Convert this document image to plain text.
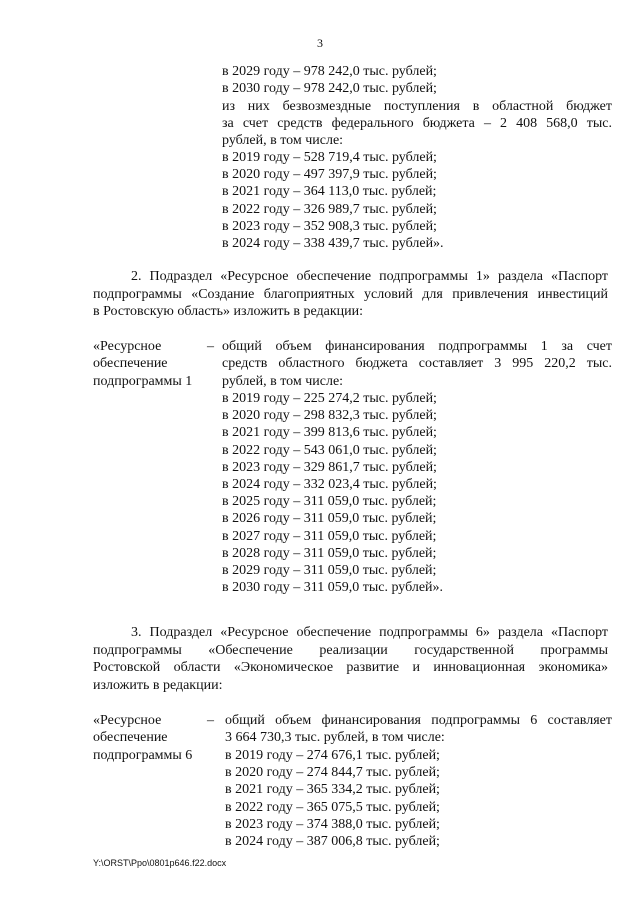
3
в 2029 году – 978 242,0 тыс. рублей;
в 2030 году – 978 242,0 тыс. рублей;
из них безвозмездные поступления в областной бюджет
за счет средств федерального бюджета – 2 408 568,0 тыс.
рублей, в том числе:
в 2019 году – 528 719,4 тыс. рублей;
в 2020 году – 497 397,9 тыс. рублей;
в 2021 году – 364 113,0 тыс. рублей;
в 2022 году – 326 989,7 тыс. рублей;
в 2023 году – 352 908,3 тыс. рублей;
в 2024 году – 338 439,7 тыс. рублей».
2. Подраздел «Ресурсное обеспечение подпрограммы 1» раздела «Паспорт
подпрограммы «Создание благоприятных условий для привлечения инвестиций
в Ростовскую область» изложить в редакции:
«Ресурсное
обеспечение
подпрограммы 1
– общий объем финансирования подпрограммы 1 за счет
средств областного бюджета составляет 3 995 220,2 тыс.
рублей, в том числе:
в 2019 году – 225 274,2 тыс. рублей;
в 2020 году – 298 832,3 тыс. рублей;
в 2021 году – 399 813,6 тыс. рублей;
в 2022 году – 543 061,0 тыс. рублей;
в 2023 году – 329 861,7 тыс. рублей;
в 2024 году – 332 023,4 тыс. рублей;
в 2025 году – 311 059,0 тыс. рублей;
в 2026 году – 311 059,0 тыс. рублей;
в 2027 году – 311 059,0 тыс. рублей;
в 2028 году – 311 059,0 тыс. рублей;
в 2029 году – 311 059,0 тыс. рублей;
в 2030 году – 311 059,0 тыс. рублей».
3. Подраздел «Ресурсное обеспечение подпрограммы 6» раздела «Паспорт
подпрограммы «Обеспечение реализации государственной программы
Ростовской области «Экономическое развитие и инновационная экономика»
изложить в редакции:
«Ресурсное
обеспечение
подпрограммы 6
– общий объем финансирования подпрограммы 6 составляет
3 664 730,3 тыс. рублей, в том числе:
в 2019 году – 274 676,1 тыс. рублей;
в 2020 году – 274 844,7 тыс. рублей;
в 2021 году – 365 334,2 тыс. рублей;
в 2022 году – 365 075,5 тыс. рублей;
в 2023 году – 374 388,0 тыс. рублей;
в 2024 году – 387 006,8 тыс. рублей;
Y:\ORST\Ppo\0801p646.f22.docx
